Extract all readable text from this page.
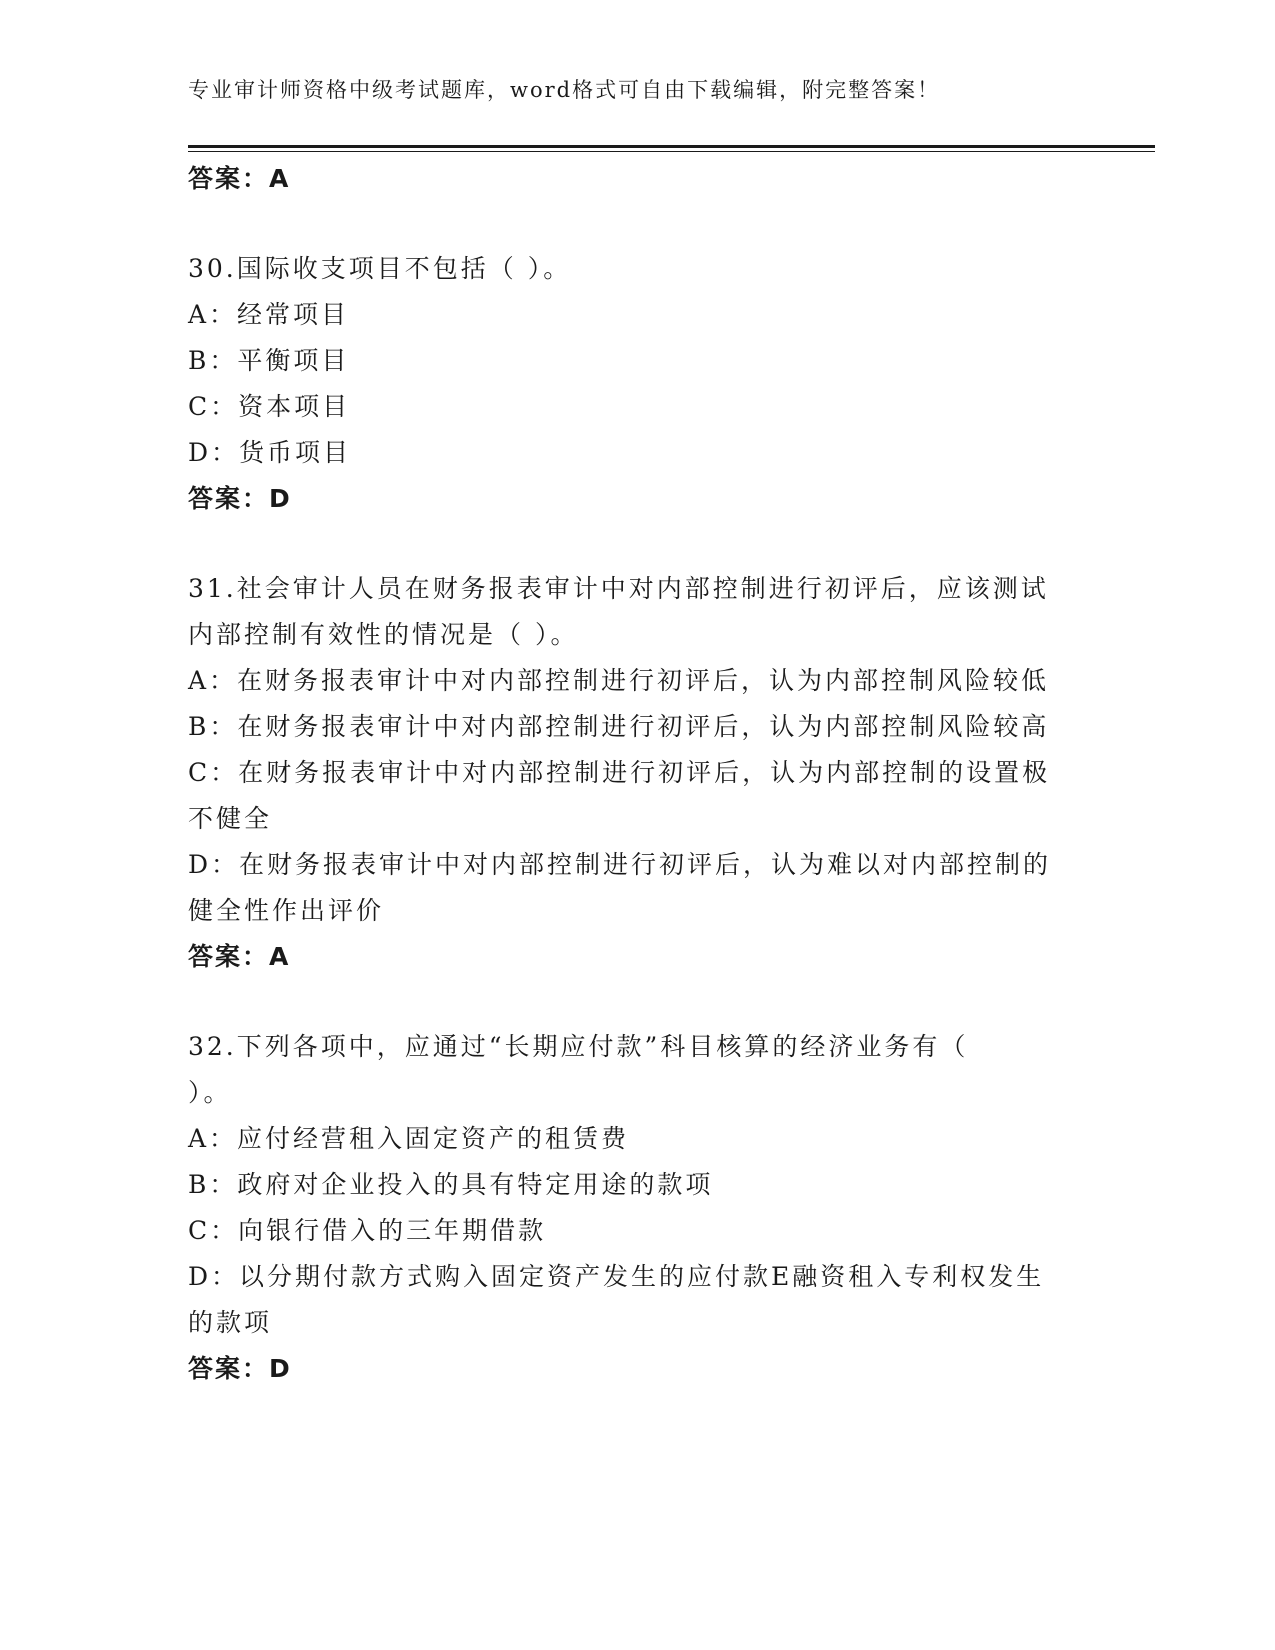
专业审计师资格中级考试题库，word格式可自由下载编辑，附完整答案！
答案：A
30.国际收支项目不包括（ ）。
A：经常项目
B：平衡项目
C：资本项目
D：货币项目
答案：D
31.社会审计人员在财务报表审计中对内部控制进行初评后，应该测试
内部控制有效性的情况是（ ）。
A：在财务报表审计中对内部控制进行初评后，认为内部控制风险较低
B：在财务报表审计中对内部控制进行初评后，认为内部控制风险较高
C：在财务报表审计中对内部控制进行初评后，认为内部控制的设置极
不健全
D：在财务报表审计中对内部控制进行初评后，认为难以对内部控制的
健全性作出评价
答案：A
32.下列各项中，应通过“长期应付款”科目核算的经济业务有（
）。
A：应付经营租入固定资产的租赁费
B：政府对企业投入的具有特定用途的款项
C：向银行借入的三年期借款
D：以分期付款方式购入固定资产发生的应付款E融资租入专利权发生
的款项
答案：D
